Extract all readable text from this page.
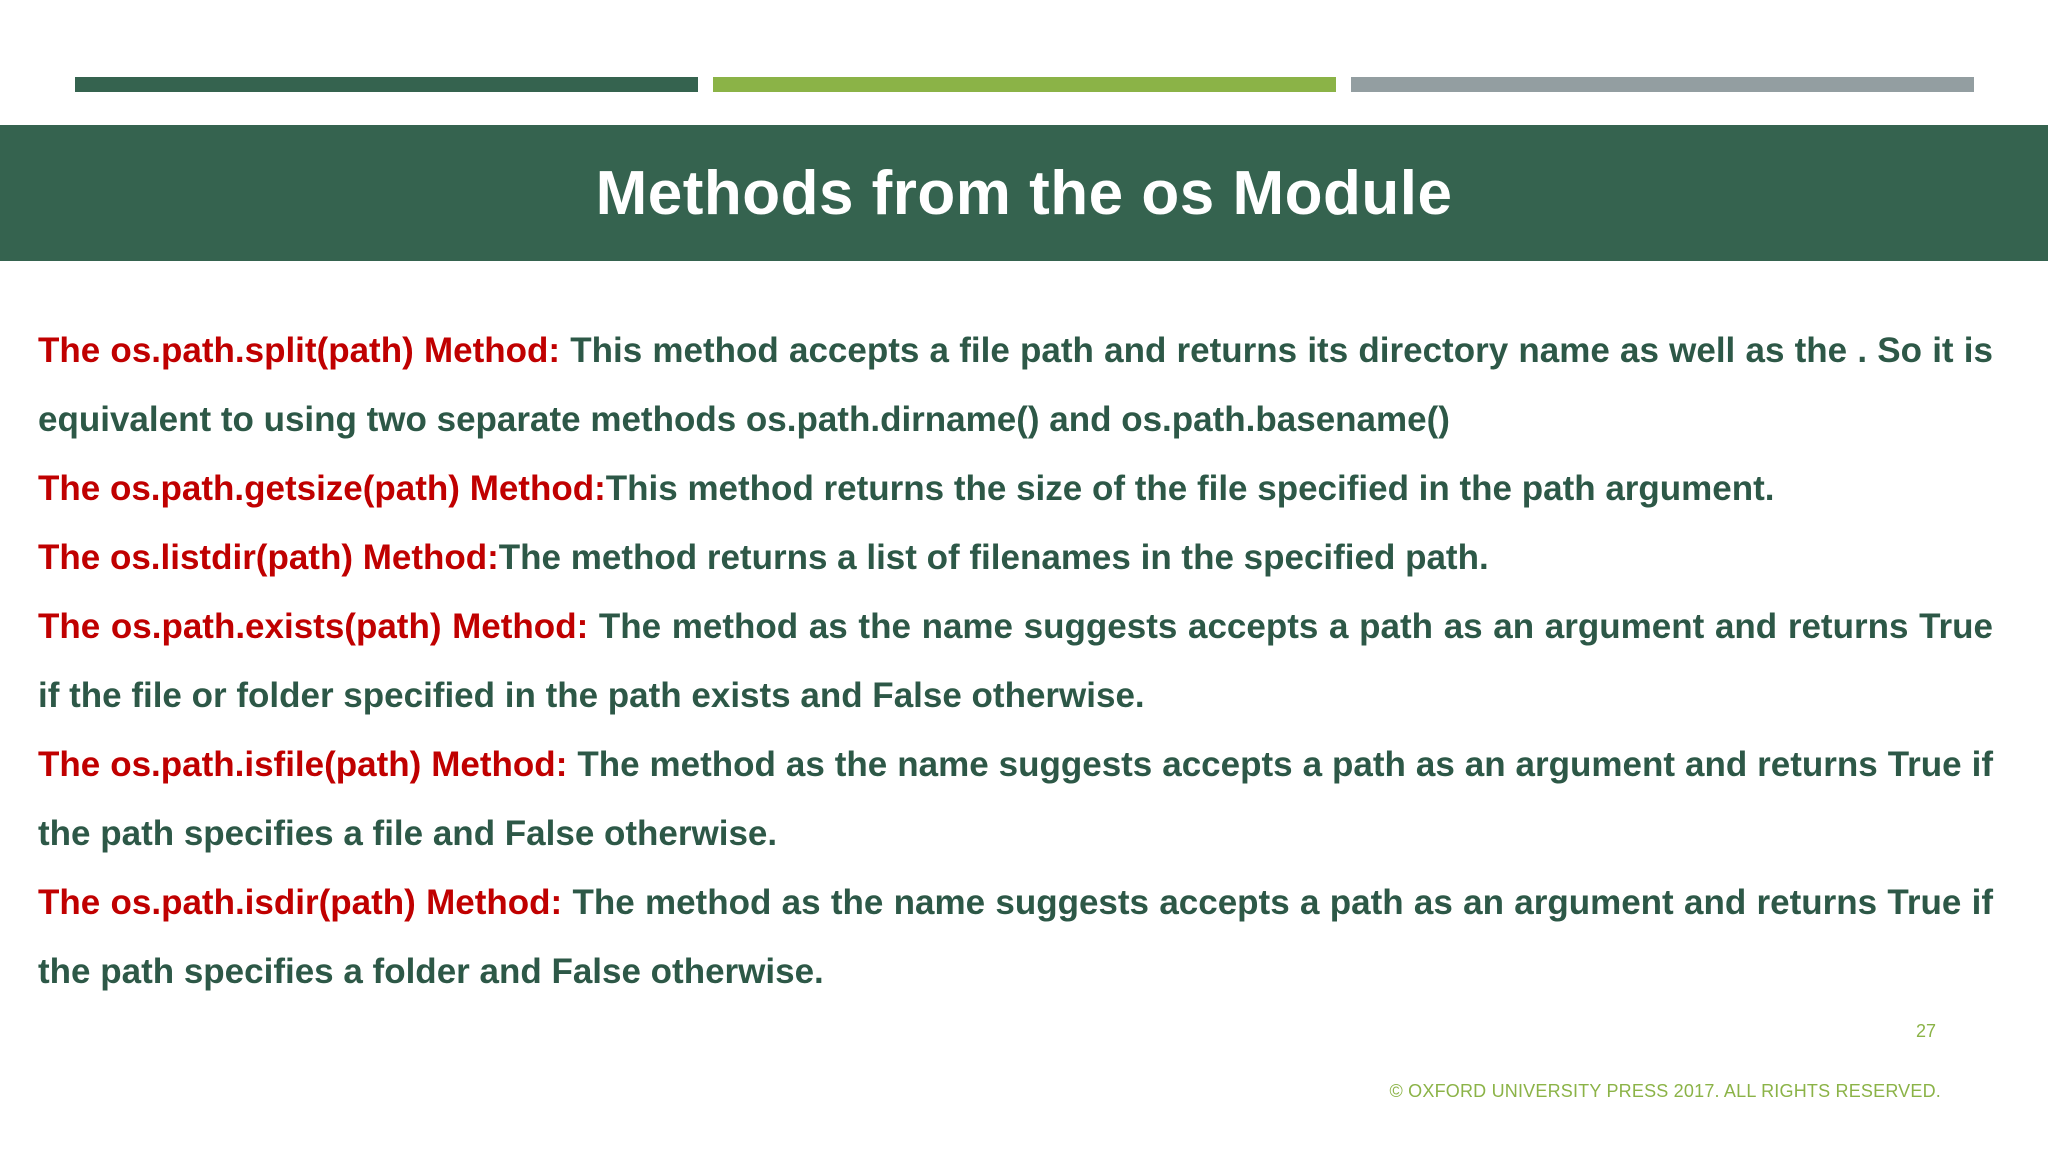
Methods from the os Module

The os.path.split(path) Method: This method accepts a file path and returns its directory name as well as the . So it is equivalent to using two separate methods os.path.dirname() and os.path.basename()

The os.path.getsize(path) Method:This method returns the size of the file specified in the path argument.

The os.listdir(path) Method:The method returns a list of filenames in the specified path.

The os.path.exists(path) Method: The method as the name suggests accepts a path as an argument and returns True if the file or folder specified in the path exists and False otherwise.

The os.path.isfile(path) Method: The method as the name suggests accepts a path as an argument and returns True if the path specifies a file and False otherwise.

The os.path.isdir(path) Method: The method as the name suggests accepts a path as an argument and returns True if the path specifies a folder and False otherwise.

27
© OXFORD UNIVERSITY PRESS 2017. ALL RIGHTS RESERVED.
